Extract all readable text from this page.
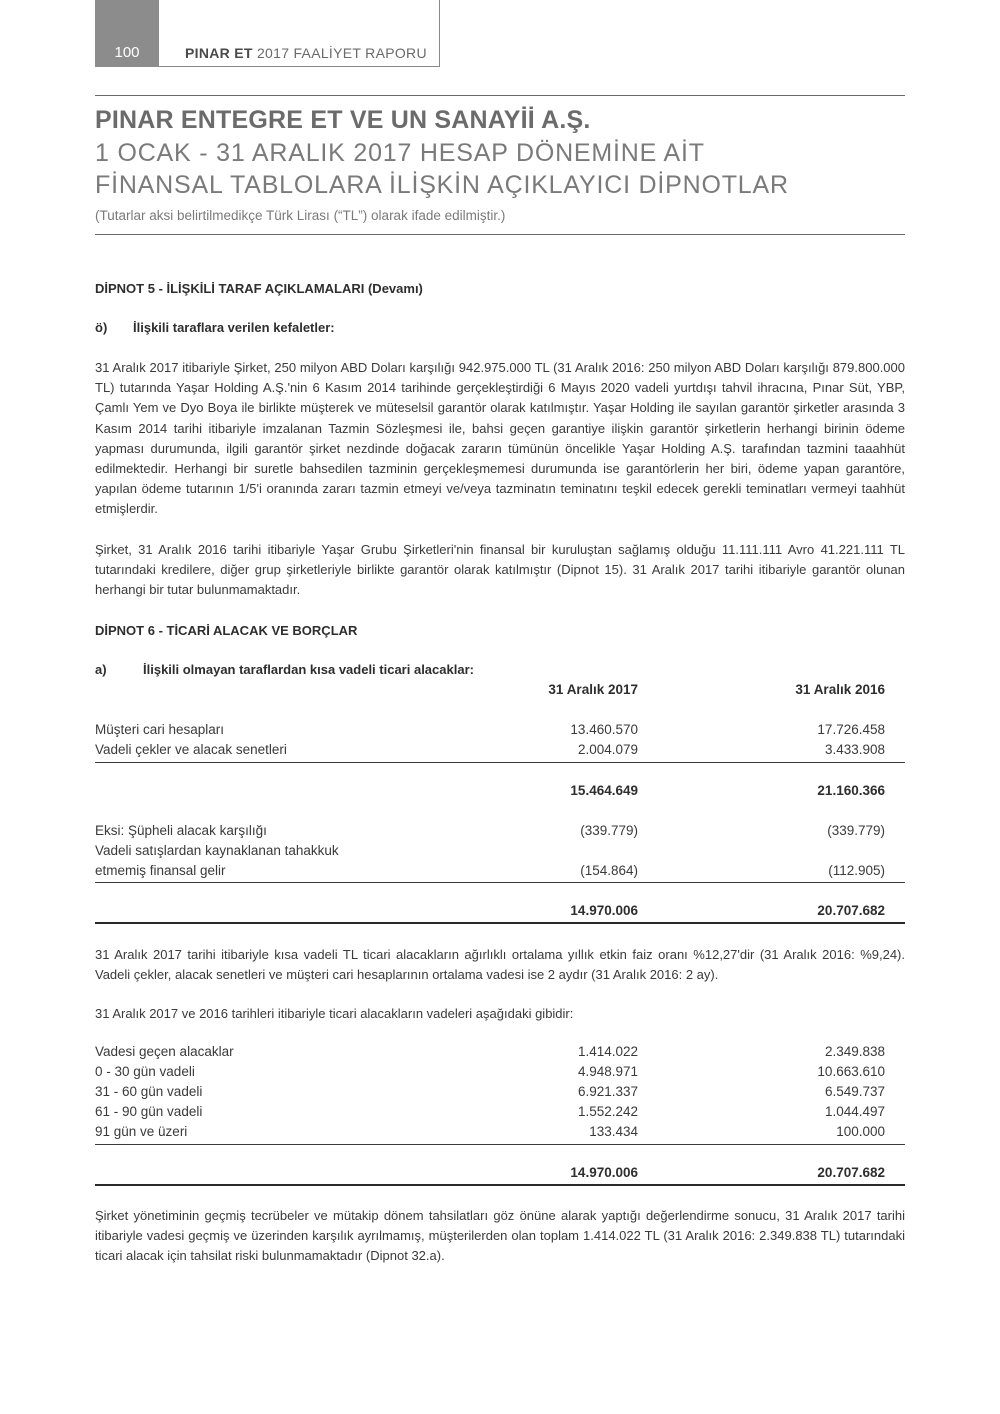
100	PINAR ET 2017 FAALİYET RAPORU
PINAR ENTEGRE ET VE UN SANAYİİ A.Ş.
1 OCAK - 31 ARALIK 2017 HESAP DÖNEMİNE AİT
FİNANSAL TABLOLARA İLİŞKİN AÇIKLAYICI DİPNOTLAR
(Tutarlar aksi belirtilmedikçe Türk Lirası (“TL”) olarak ifade edilmiştir.)
DİPNOT 5 - İLİŞKİLİ TARAF AÇIKLAMALARI (Devamı)
ö) İlişkili taraflara verilen kefaletler:
31 Aralık 2017 itibariyle Şirket, 250 milyon ABD Doları karşılığı 942.975.000 TL (31 Aralık 2016: 250 milyon ABD Doları karşılığı 879.800.000 TL) tutarında Yaşar Holding A.Ş.'nin 6 Kasım 2014 tarihinde gerçekleştirdiği 6 Mayıs 2020 vadeli yurtdışı tahvil ihracına, Pınar Süt, YBP, Çamlı Yem ve Dyo Boya ile birlikte müşterek ve müteselsil garantör olarak katılmıştır. Yaşar Holding ile sayılan garantör şirketler arasında 3 Kasım 2014 tarihi itibariyle imzalanan Tazmin Sözleşmesi ile, bahsi geçen garantiye ilişkin garantör şirketlerin herhangi birinin ödeme yapması durumunda, ilgili garantör şirket nezdinde doğacak zararın tümünün öncelikle Yaşar Holding A.Ş. tarafından tazmini taaahhüt edilmektedir. Herhangi bir suretle bahsedilen tazminin gerçekleşmemesi durumunda ise garantörlerin her biri, ödeme yapan garantöre, yapılan ödeme tutarının 1/5'i oranında zararı tazmin etmeyi ve/veya tazminatın teminatını teşkil edecek gerekli teminatları vermeyi taahhüt etmişlerdir.
Şirket, 31 Aralık 2016 tarihi itibariyle Yaşar Grubu Şirketleri'nin finansal bir kuruluştan sağlamış olduğu 11.111.111 Avro 41.221.111 TL tutarındaki kredilere, diğer grup şirketleriyle birlikte garantör olarak katılmıştır (Dipnot 15). 31 Aralık 2017 tarihi itibariyle garantör olunan herhangi bir tutar bulunmamaktadır.
DİPNOT 6 - TİCARİ ALACAK VE BORÇLAR
a)	İlişkili olmayan taraflardan kısa vadeli ticari alacaklar:
31 Aralık 2017	31 Aralık 2016
Müşteri cari hesapları	13.460.570	17.726.458
Vadeli çekler ve alacak senetleri	2.004.079	3.433.908
15.464.649	21.160.366
Eksi: Şüpheli alacak karşılığı	(339.779)	(339.779)
Vadeli satışlardan kaynaklanan tahakkuk
etmemiş finansal gelir	(154.864)	(112.905)
14.970.006	20.707.682
31 Aralık 2017 tarihi itibariyle kısa vadeli TL ticari alacakların ağırlıklı ortalama yıllık etkin faiz oranı %12,27'dir (31 Aralık 2016: %9,24). Vadeli çekler, alacak senetleri ve müşteri cari hesaplarının ortalama vadesi ise 2 aydır (31 Aralık 2016: 2 ay).
31 Aralık 2017 ve 2016 tarihleri itibariyle ticari alacakların vadeleri aşağıdaki gibidir:
Vadesi geçen alacaklar	1.414.022	2.349.838
0 - 30 gün vadeli	4.948.971	10.663.610
31 - 60 gün vadeli	6.921.337	6.549.737
61 - 90 gün vadeli	1.552.242	1.044.497
91 gün ve üzeri	133.434	100.000
14.970.006	20.707.682
Şirket yönetiminin geçmiş tecrübeler ve mütakip dönem tahsilatları göz önüne alarak yaptığı değerlendirme sonucu, 31 Aralık 2017 tarihi itibariyle vadesi geçmiş ve üzerinden karşılık ayrılmamış, müşterilerden olan toplam 1.414.022 TL (31 Aralık 2016: 2.349.838 TL) tutarındaki ticari alacak için tahsilat riski bulunmamaktadır (Dipnot 32.a).
